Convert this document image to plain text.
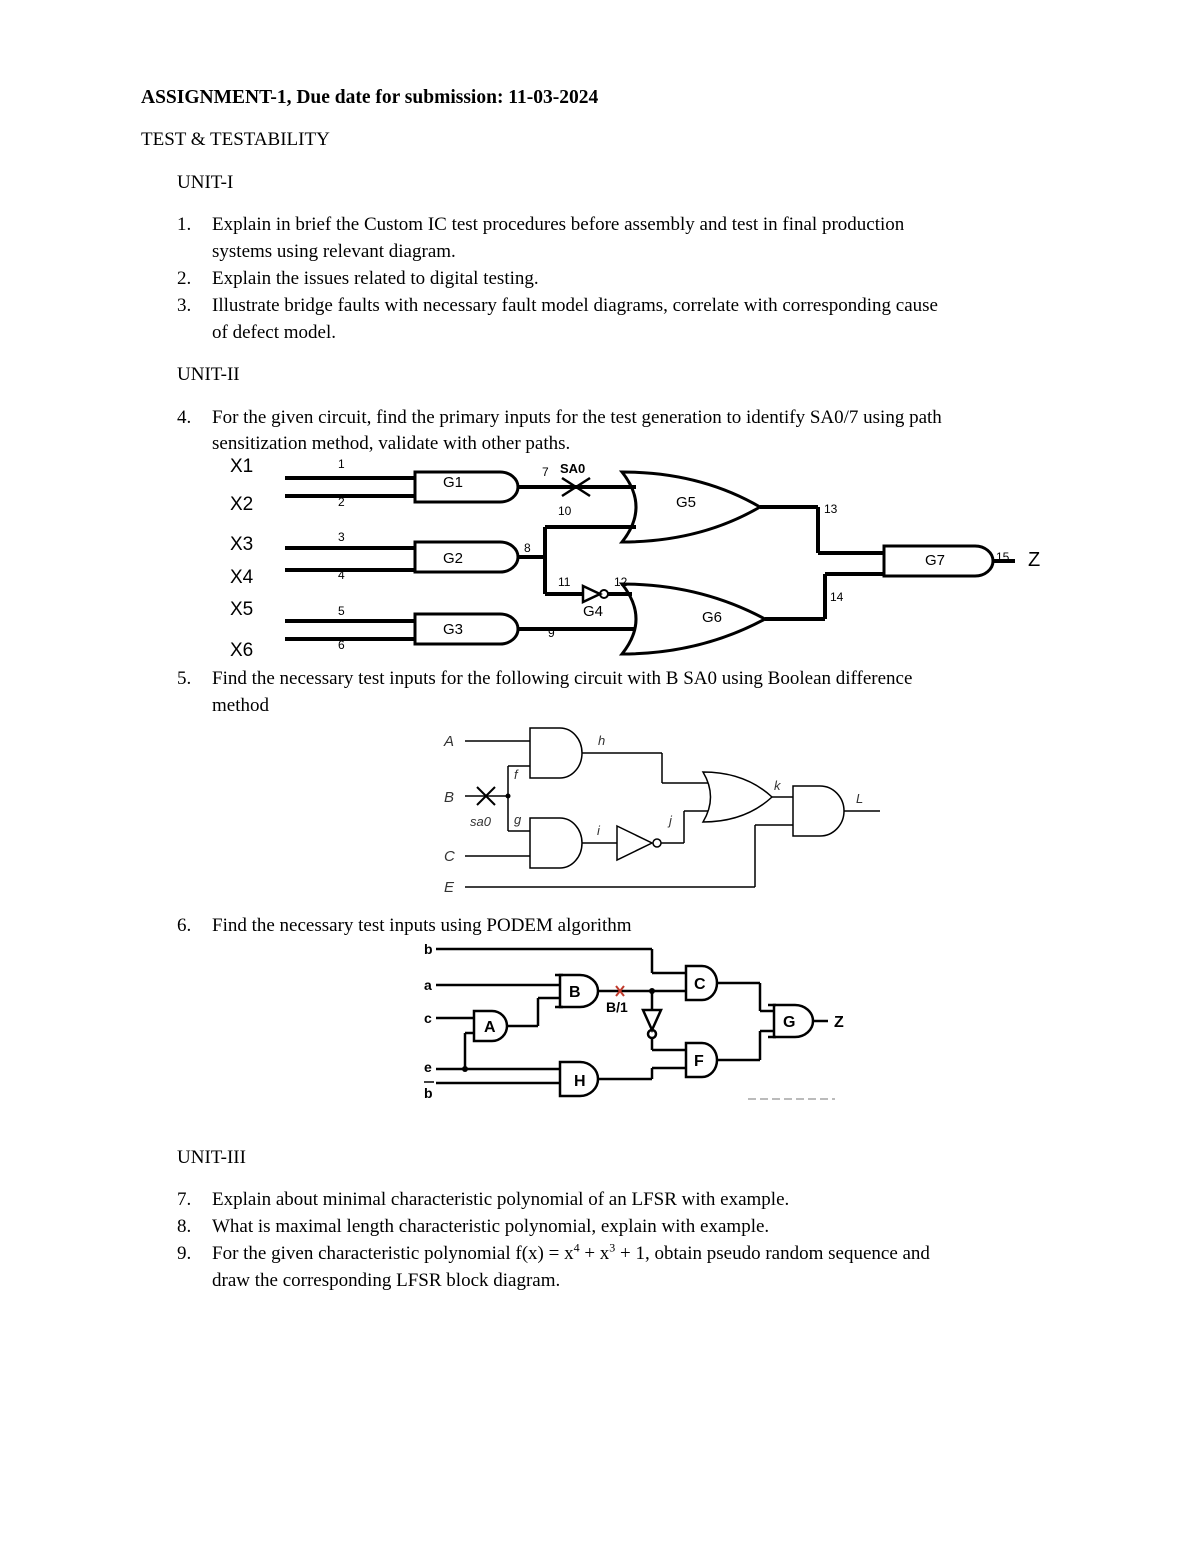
ASSIGNMENT-1, Due date for submission: 11-03-2024
TEST & TESTABILITY
UNIT-I
1. Explain in brief the Custom IC test procedures before assembly and test in final production
systems using relevant diagram.
2. Explain the issues related to digital testing.
3. Illustrate bridge faults with necessary fault model diagrams, correlate with corresponding cause
of defect model.
UNIT-II
4. For the given circuit, find the primary inputs for the test generation to identify SA0/7 using path
sensitization method, validate with other paths.
X1
X2
X3
X4
X5
X6
1
2
3
4
5
6
7
10
8
11	12
9
13
14
15
SA0
G1
G2
G3
G4
G5
G6
G7	Z
5. Find the necessary test inputs for the following circuit with B SA0 using Boolean difference
method
A
B
C
E
h
f
g
i
j
k
L
sa0
6. Find the necessary test inputs using PODEM algorithm
b
a
c
e
b
A
B	C
F
G
H
B/1
Z
UNIT-III
7. Explain about minimal characteristic polynomial of an LFSR with example.
8. What is maximal length characteristic polynomial, explain with example.
9. For the given characteristic polynomial $f(x) = x^4 + x^3 + 1$, obtain pseudo random sequence and
draw the corresponding LFSR block diagram.
